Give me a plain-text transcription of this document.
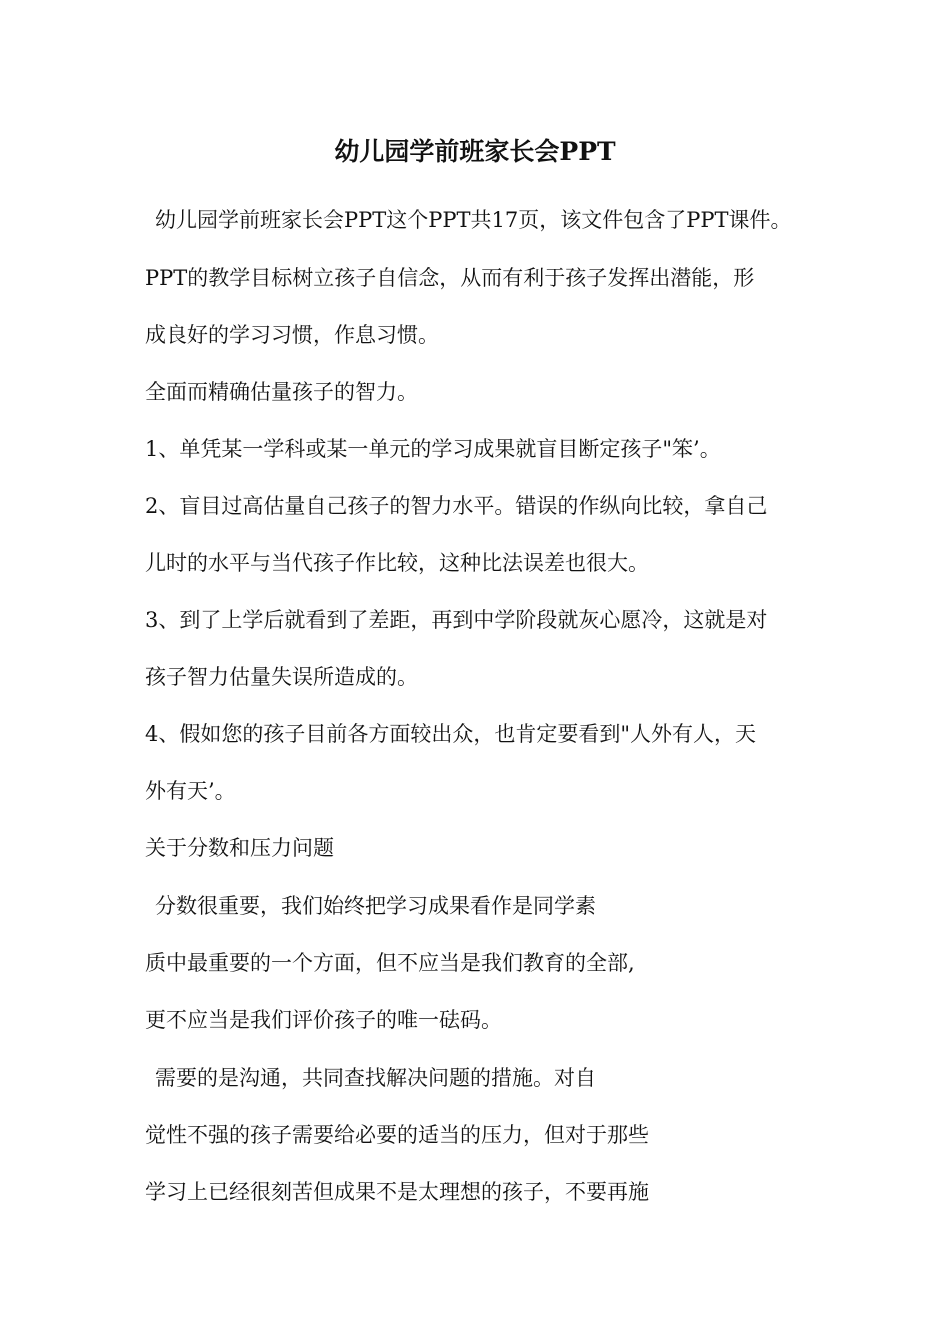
幼儿园学前班家长会PPT
幼儿园学前班家长会PPT这个PPT共17页，该文件包含了PPT课件。
PPT的教学目标树立孩子自信念，从而有利于孩子发挥出潜能，形
成良好的学习习惯，作息习惯。
全面而精确估量孩子的智力。
1、单凭某一学科或某一单元的学习成果就盲目断定孩子"笨’。
2、盲目过高估量自己孩子的智力水平。错误的作纵向比较，拿自己
儿时的水平与当代孩子作比较，这种比法误差也很大。
3、到了上学后就看到了差距，再到中学阶段就灰心愿冷，这就是对
孩子智力估量失误所造成的。
4、假如您的孩子目前各方面较出众，也肯定要看到"人外有人，天
外有天’。
关于分数和压力问题
分数很重要，我们始终把学习成果看作是同学素
质中最重要的一个方面，但不应当是我们教育的全部,
更不应当是我们评价孩子的唯一砝码。
需要的是沟通，共同查找解决问题的措施。对自
觉性不强的孩子需要给必要的适当的压力，但对于那些
学习上已经很刻苦但成果不是太理想的孩子，不要再施
